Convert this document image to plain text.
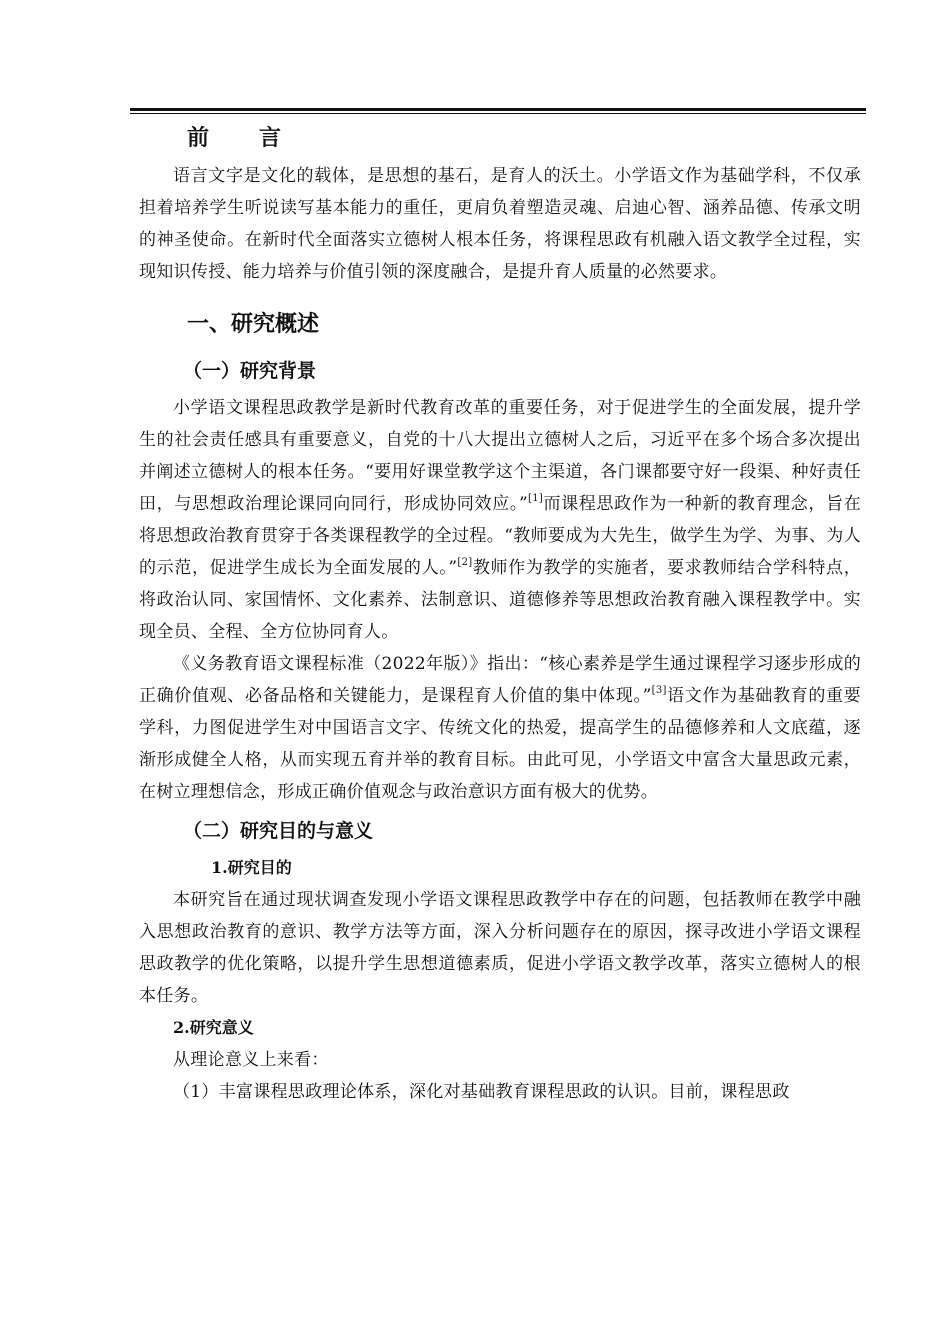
前　言

语言文字是文化的载体，是思想的基石，是育人的沃土。小学语文作为基础学科，不仅承担着培养学生听说读写基本能力的重任，更肩负着塑造灵魂、启迪心智、涵养品德、传承文明的神圣使命。在新时代全面落实立德树人根本任务，将课程思政有机融入语文教学全过程，实现知识传授、能力培养与价值引领的深度融合，是提升育人质量的必然要求。

一、研究概述
（一）研究背景

小学语文课程思政教学是新时代教育改革的重要任务，对于促进学生的全面发展，提升学生的社会责任感具有重要意义，自党的十八大提出立德树人之后，习近平在多个场合多次提出并阐述立德树人的根本任务。“要用好课堂教学这个主渠道，各门课都要守好一段渠、种好责任田，与思想政治理论课同向同行，形成协同效应。”[1]而课程思政作为一种新的教育理念，旨在将思想政治教育贯穿于各类课程教学的全过程。“教师要成为大先生，做学生为学、为事、为人的示范，促进学生成长为全面发展的人。”[2]教师作为教学的实施者，要求教师结合学科特点，将政治认同、家国情怀、文化素养、法制意识、道德修养等思想政治教育融入课程教学中。实现全员、全程、全方位协同育人。

《义务教育语文课程标准（2022年版）》指出：“核心素养是学生通过课程学习逐步形成的正确价值观、必备品格和关键能力，是课程育人价值的集中体现。”[3]语文作为基础教育的重要学科，力图促进学生对中国语言文字、传统文化的热爱，提高学生的品德修养和人文底蕴，逐渐形成健全人格，从而实现五育并举的教育目标。由此可见，小学语文中富含大量思政元素，在树立理想信念，形成正确价值观念与政治意识方面有极大的优势。

（二）研究目的与意义
1.研究目的

本研究旨在通过现状调查发现小学语文课程思政教学中存在的问题，包括教师在教学中融入思想政治教育的意识、教学方法等方面，深入分析问题存在的原因，探寻改进小学语文课程思政教学的优化策略，以提升学生思想道德素质，促进小学语文教学改革，落实立德树人的根本任务。

2.研究意义

从理论意义上来看：

（1）丰富课程思政理论体系，深化对基础教育课程思政的认识。目前，课程思政
